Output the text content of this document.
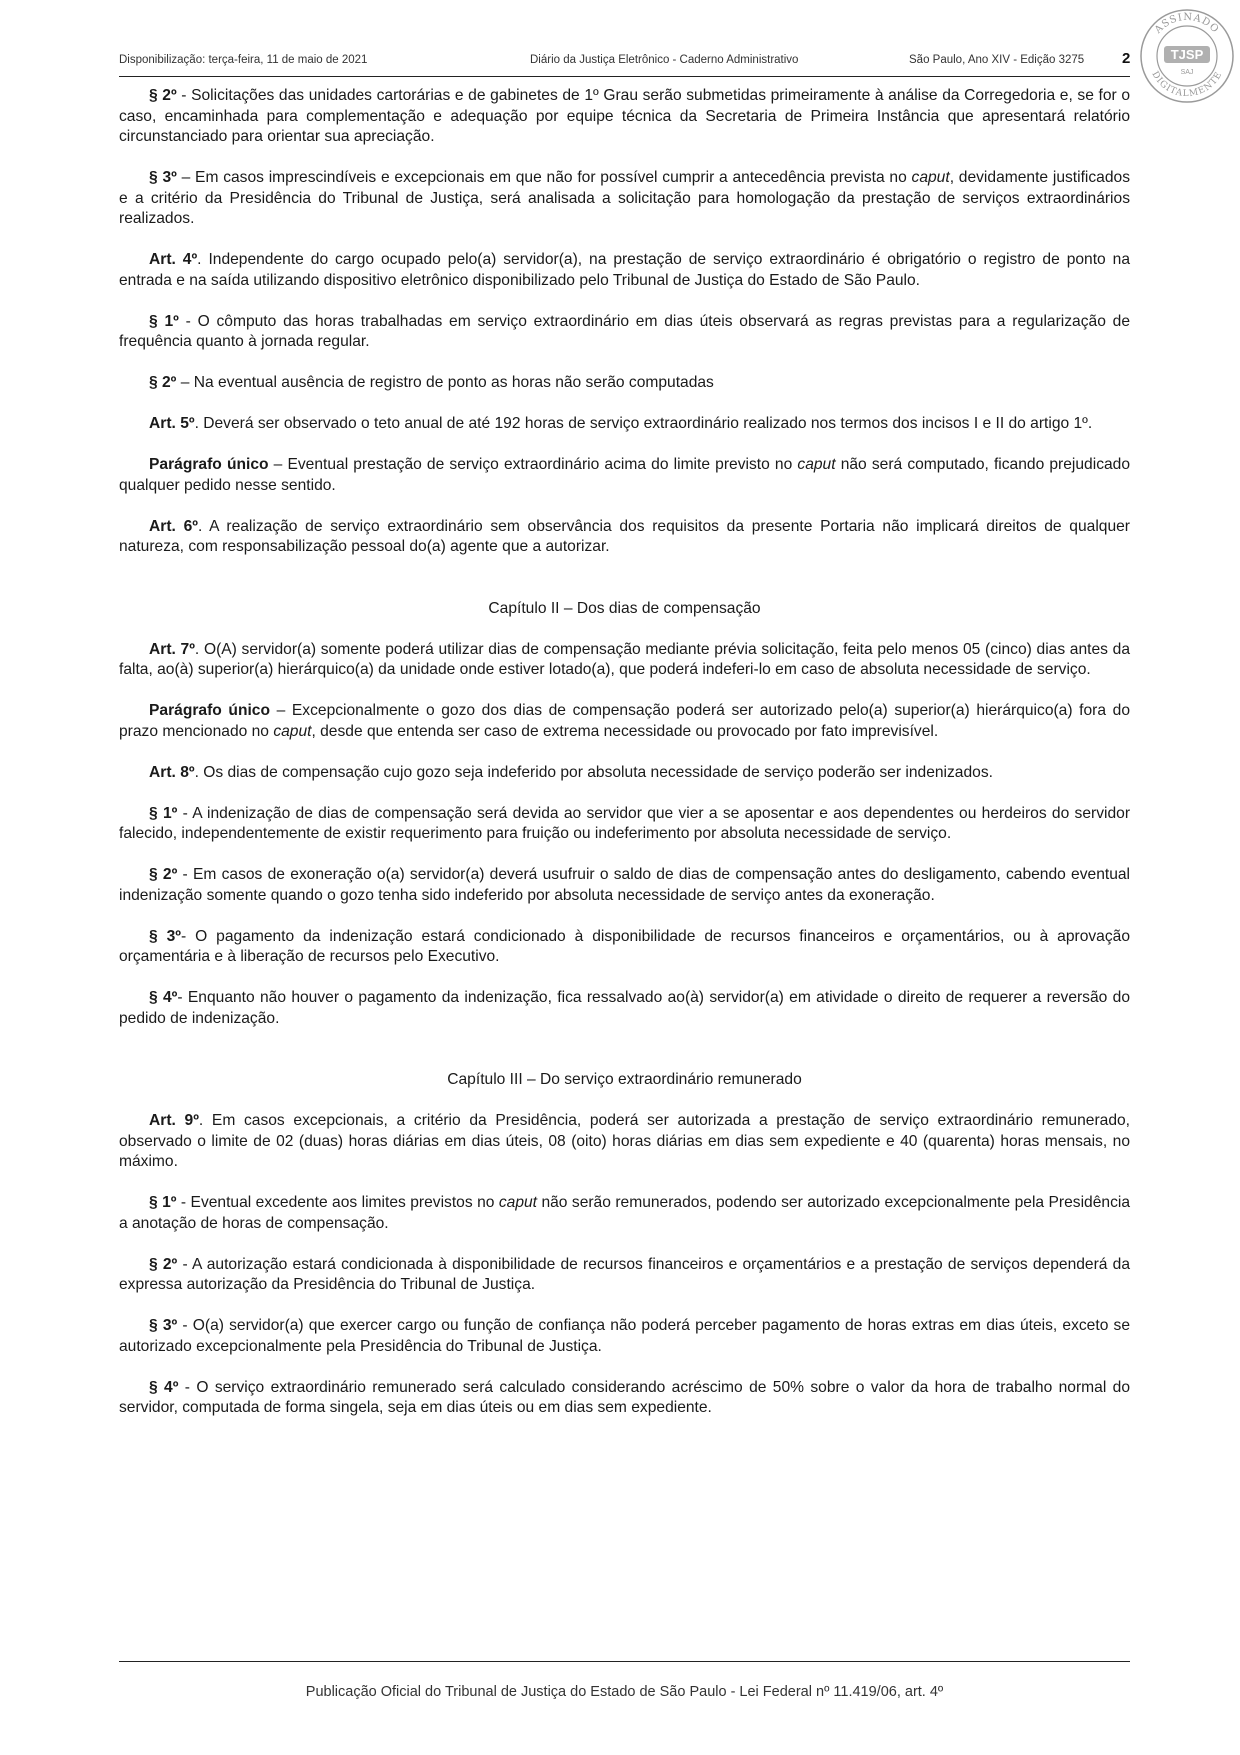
Disponibilização: terça-feira, 11 de maio de 2021	Diário da Justiça Eletrônico - Caderno Administrativo	São Paulo, Ano XIV - Edição 3275	2
ASSINADO
DIGITALMENTE
TJSP
SAJ

§ 2º - Solicitações das unidades cartorárias e de gabinetes de 1º Grau serão submetidas primeiramente à análise da Corregedoria e, se for o caso, encaminhada para complementação e adequação por equipe técnica da Secretaria de Primeira Instância que apresentará relatório circunstanciado para orientar sua apreciação.

§ 3º – Em casos imprescindíveis e excepcionais em que não for possível cumprir a antecedência prevista no caput, devidamente justificados e a critério da Presidência do Tribunal de Justiça, será analisada a solicitação para homologação da prestação de serviços extraordinários realizados.

Art. 4º. Independente do cargo ocupado pelo(a) servidor(a), na prestação de serviço extraordinário é obrigatório o registro de ponto na entrada e na saída utilizando dispositivo eletrônico disponibilizado pelo Tribunal de Justiça do Estado de São Paulo.

§ 1º - O cômputo das horas trabalhadas em serviço extraordinário em dias úteis observará as regras previstas para a regularização de frequência quanto à jornada regular.

§ 2º – Na eventual ausência de registro de ponto as horas não serão computadas

Art. 5º. Deverá ser observado o teto anual de até 192 horas de serviço extraordinário realizado nos termos dos incisos I e II do artigo 1º.

Parágrafo único – Eventual prestação de serviço extraordinário acima do limite previsto no caput não será computado, ficando prejudicado qualquer pedido nesse sentido.

Art. 6º. A realização de serviço extraordinário sem observância dos requisitos da presente Portaria não implicará direitos de qualquer natureza, com responsabilização pessoal do(a) agente que a autorizar.

Capítulo II – Dos dias de compensação

Art. 7º. O(A) servidor(a) somente poderá utilizar dias de compensação mediante prévia solicitação, feita pelo menos 05 (cinco) dias antes da falta, ao(à) superior(a) hierárquico(a) da unidade onde estiver lotado(a), que poderá indeferi-lo em caso de absoluta necessidade de serviço.

Parágrafo único – Excepcionalmente o gozo dos dias de compensação poderá ser autorizado pelo(a) superior(a) hierárquico(a) fora do prazo mencionado no caput, desde que entenda ser caso de extrema necessidade ou provocado por fato imprevisível.

Art. 8º. Os dias de compensação cujo gozo seja indeferido por absoluta necessidade de serviço poderão ser indenizados.

§ 1º - A indenização de dias de compensação será devida ao servidor que vier a se aposentar e aos dependentes ou herdeiros do servidor falecido, independentemente de existir requerimento para fruição ou indeferimento por absoluta necessidade de serviço.

§ 2º - Em casos de exoneração o(a) servidor(a) deverá usufruir o saldo de dias de compensação antes do desligamento, cabendo eventual indenização somente quando o gozo tenha sido indeferido por absoluta necessidade de serviço antes da exoneração.

§ 3º- O pagamento da indenização estará condicionado à disponibilidade de recursos financeiros e orçamentários, ou à aprovação orçamentária e à liberação de recursos pelo Executivo.

§ 4º- Enquanto não houver o pagamento da indenização, fica ressalvado ao(à) servidor(a) em atividade o direito de requerer a reversão do pedido de indenização.

Capítulo III – Do serviço extraordinário remunerado

Art. 9º. Em casos excepcionais, a critério da Presidência, poderá ser autorizada a prestação de serviço extraordinário remunerado, observado o limite de 02 (duas) horas diárias em dias úteis, 08 (oito) horas diárias em dias sem expediente e 40 (quarenta) horas mensais, no máximo.

§ 1º - Eventual excedente aos limites previstos no caput não serão remunerados, podendo ser autorizado excepcionalmente pela Presidência a anotação de horas de compensação.

§ 2º - A autorização estará condicionada à disponibilidade de recursos financeiros e orçamentários e a prestação de serviços dependerá da expressa autorização da Presidência do Tribunal de Justiça.

§ 3º - O(a) servidor(a) que exercer cargo ou função de confiança não poderá perceber pagamento de horas extras em dias úteis, exceto se autorizado excepcionalmente pela Presidência do Tribunal de Justiça.

§ 4º - O serviço extraordinário remunerado será calculado considerando acréscimo de 50% sobre o valor da hora de trabalho normal do servidor, computada de forma singela, seja em dias úteis ou em dias sem expediente.

Publicação Oficial do Tribunal de Justiça do Estado de São Paulo - Lei Federal nº 11.419/06, art. 4º
